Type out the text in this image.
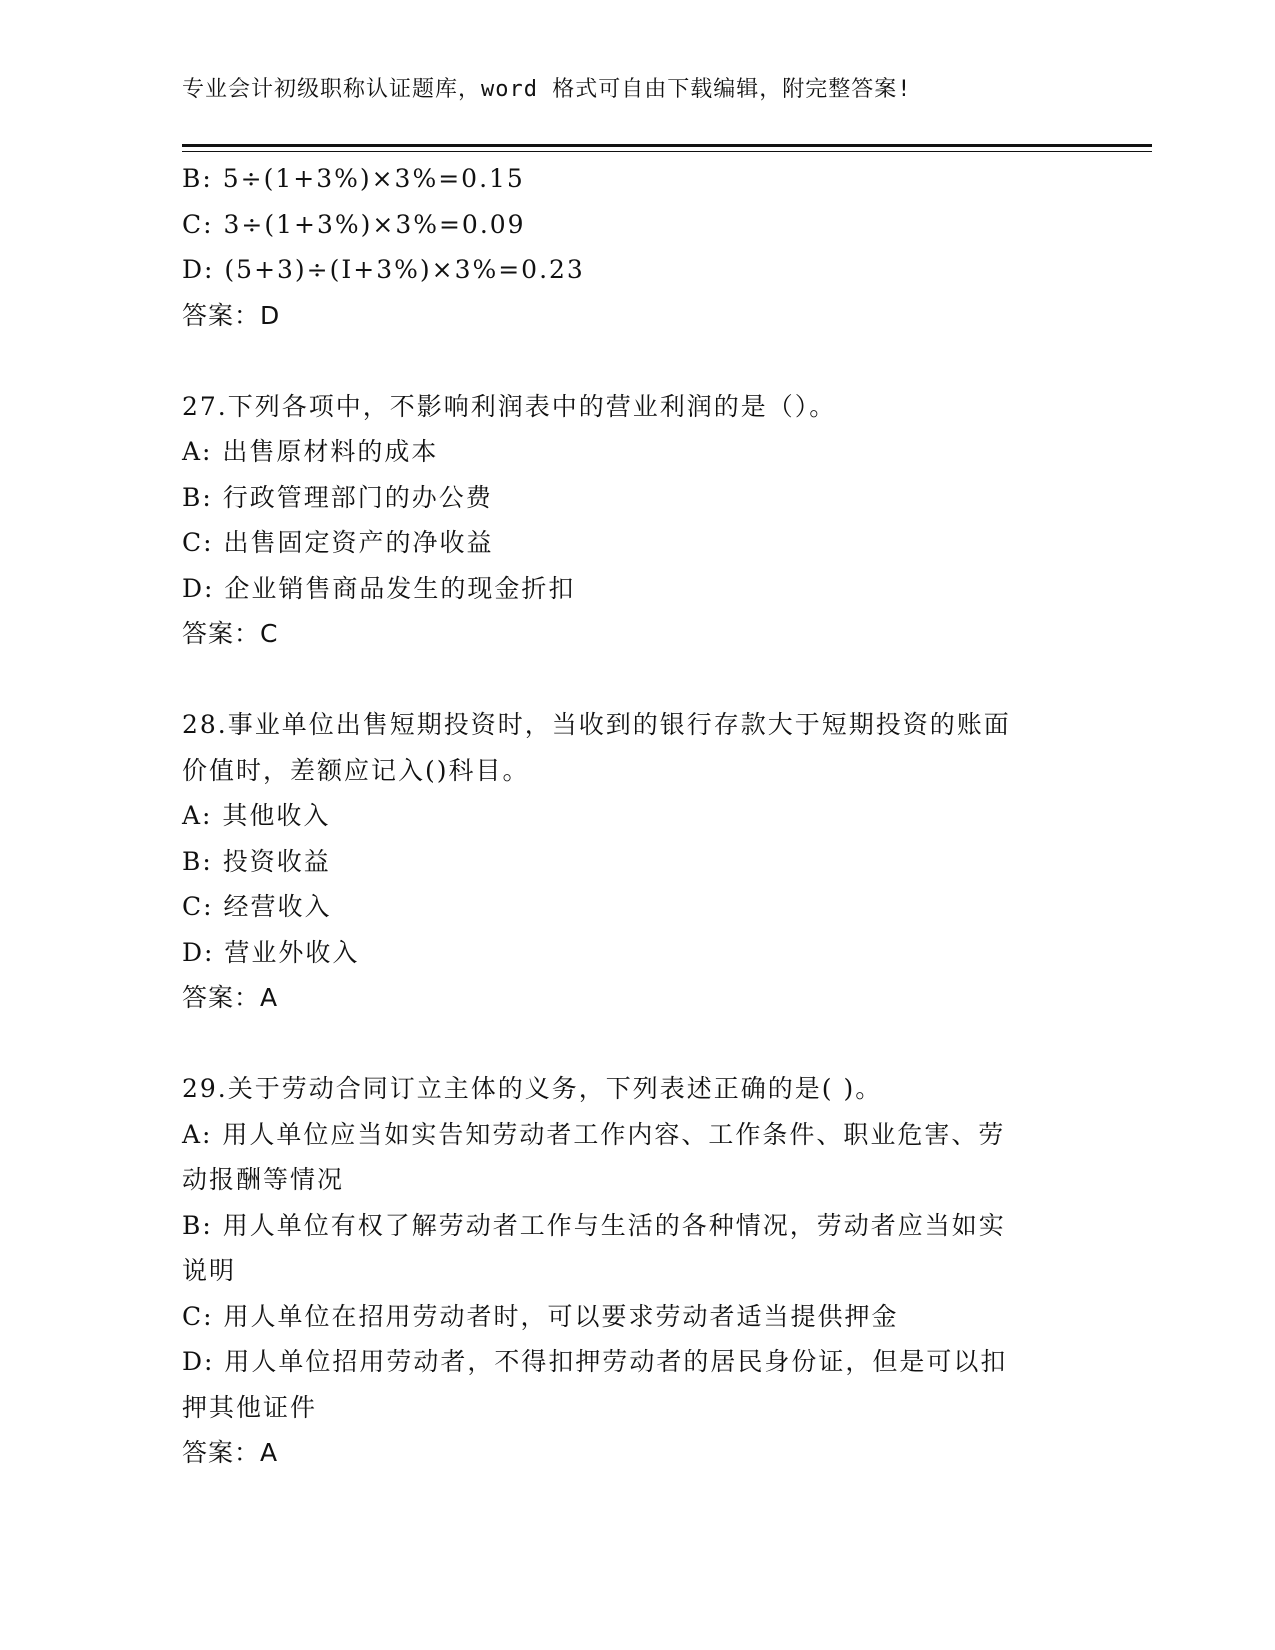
专业会计初级职称认证题库，word 格式可自由下载编辑，附完整答案!
B: 5÷(1+3%)×3%=0.15
C: 3÷(1+3%)×3%=0.09
D: (5+3)÷(I+3%)×3%=0.23
答案：D
27.下列各项中，不影响利润表中的营业利润的是（）。
A: 出售原材料的成本
B: 行政管理部门的办公费
C: 出售固定资产的净收益
D: 企业销售商品发生的现金折扣
答案：C
28.事业单位出售短期投资时，当收到的银行存款大于短期投资的账面
价值时，差额应记入()科目。
A: 其他收入
B: 投资收益
C: 经营收入
D: 营业外收入
答案：A
29.关于劳动合同订立主体的义务，下列表述正确的是( )。
A: 用人单位应当如实告知劳动者工作内容、工作条件、职业危害、劳
动报酬等情况
B: 用人单位有权了解劳动者工作与生活的各种情况，劳动者应当如实
说明
C: 用人单位在招用劳动者时，可以要求劳动者适当提供押金
D: 用人单位招用劳动者，不得扣押劳动者的居民身份证，但是可以扣
押其他证件
答案：A
